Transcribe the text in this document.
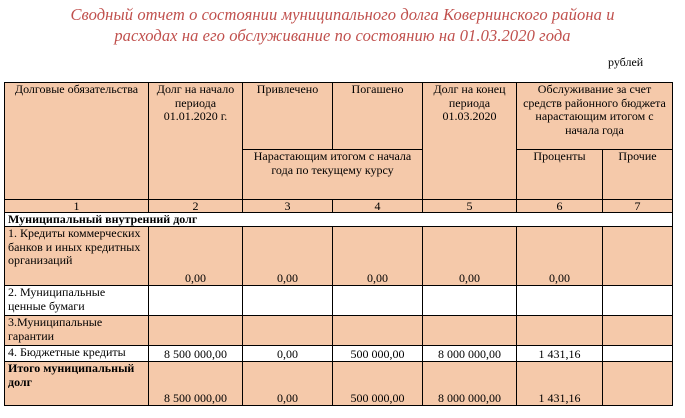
Сводный отчет о состоянии муниципального долга Ковернинского района и
расходах на его обслуживание по состоянию на 01.03.2020 года
рублей
Долговые обязательства	Долг на начало периода 01.01.2020 г.	Привлечено	Погашено	Долг на конец периода 01.03.2020	Обслуживание за счет средств районного бюджета нарастающим итогом с начала года	
		Нарастающим итогом с начала года по текущему курсу			Проценты	Прочие
1	2	3	4	5	6	7
Муниципальный внутренний долг						
1. Кредиты коммерческих банков и иных кредитных организаций	0,00	0,00	0,00	0,00	0,00	
2. Муниципальные ценные бумаги						
3.Муниципальные гарантии						
4. Бюджетные кредиты	8 500 000,00	0,00	500 000,00	8 000 000,00	1 431,16	
Итого муниципальный долг	8 500 000,00	0,00	500 000,00	8 000 000,00	1 431,16	
